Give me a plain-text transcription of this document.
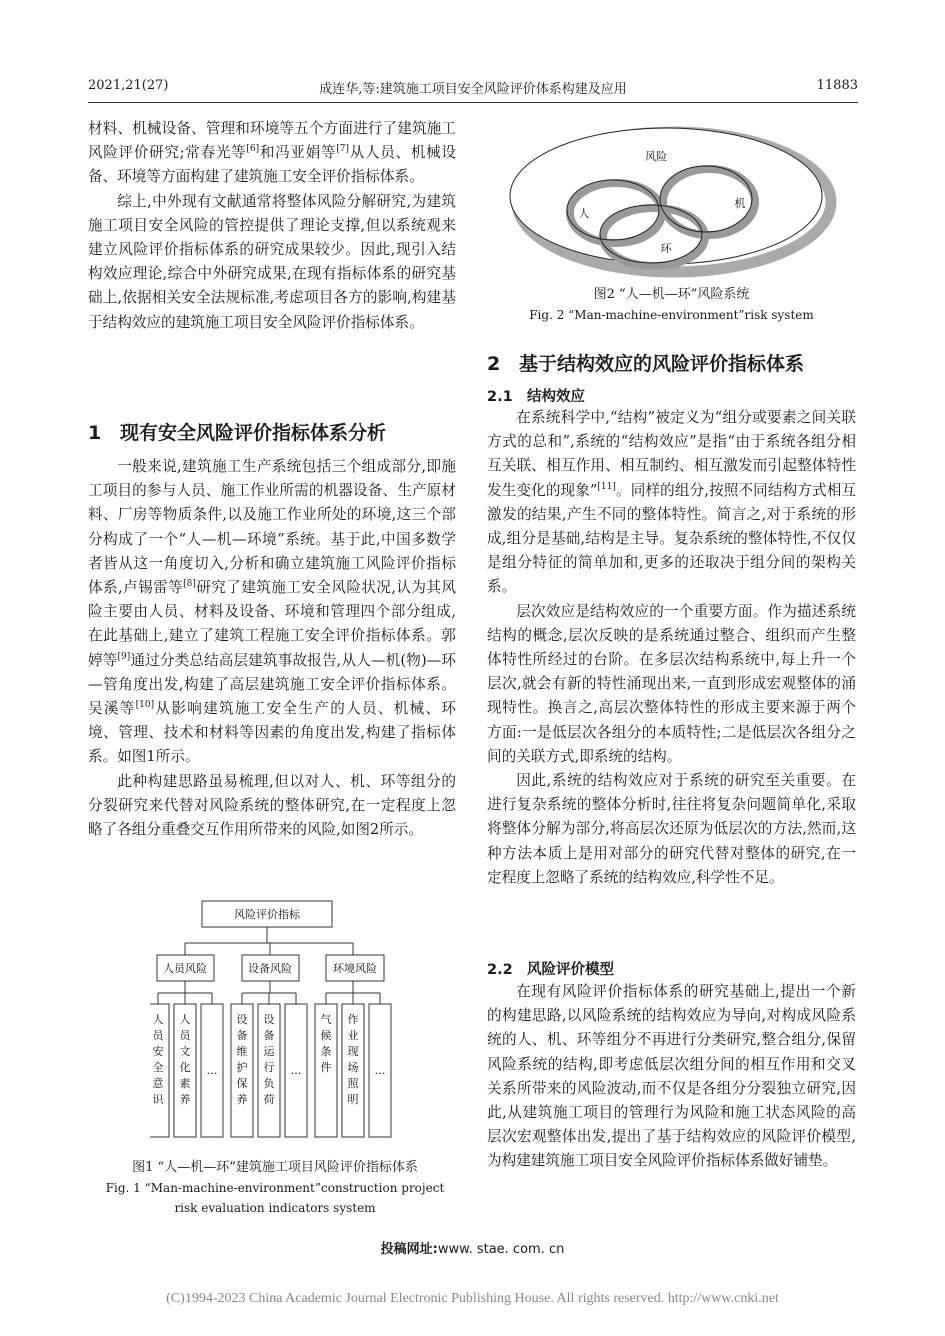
2021,21(27)	成连华,等:建筑施工项目安全风险评价体系构建及应用	11883

材料、机械设备、管理和环境等五个方面进行了建筑施工风险评价研究;常春光等[6]和冯亚娟等[7]从人员、机械设备、环境等方面构建了建筑施工安全评价指标体系。

综上,中外现有文献通常将整体风险分解研究,为建筑施工项目安全风险的管控提供了理论支撑,但以系统观来建立风险评价指标体系的研究成果较少。因此,现引入结构效应理论,综合中外研究成果,在现有指标体系的研究基础上,依据相关安全法规标准,考虑项目各方的影响,构建基于结构效应的建筑施工项目安全风险评价指标体系。

1 现有安全风险评价指标体系分析

一般来说,建筑施工生产系统包括三个组成部分,即施工项目的参与人员、施工作业所需的机器设备、生产原材料、厂房等物质条件,以及施工作业所处的环境,这三个部分构成了一个“人—机—环境”系统。基于此,中国多数学者皆从这一角度切入,分析和确立建筑施工风险评价指标体系,卢锡雷等[8]研究了建筑施工安全风险状况,认为其风险主要由人员、材料及设备、环境和管理四个部分组成,在此基础上,建立了建筑工程施工安全评价指标体系。郭婷等[9]通过分类总结高层建筑事故报告,从人—机(物)—环—管角度出发,构建了高层建筑施工安全评价指标体系。吴溪等[10]从影响建筑施工安全生产的人员、机械、环境、管理、技术和材料等因素的角度出发,构建了指标体系。如图1所示。

此种构建思路虽易梳理,但以对人、机、环等组分的分裂研究来代替对风险系统的整体研究,在一定程度上忽略了各组分重叠交互作用所带来的风险,如图2所示。

风险评价指标
人员风险	设备风险	环境风险
人员安全意识
人员文化素养
…
设备维护保养
设备运行负荷
…
气候条件
作业现场照明
…
图1 “人—机—环”建筑施工项目风险评价指标体系
Fig. 1 “Man-machine-environment”construction project
risk evaluation indicators system
风险
人
机
环
图2 “人—机—环”风险系统
Fig. 2 “Man-machine-environment”risk system
2 基于结构效应的风险评价指标体系
2.1 结构效应

在系统科学中,“结构”被定义为“组分或要素之间关联方式的总和”,系统的“结构效应”是指“由于系统各组分相互关联、相互作用、相互制约、相互激发而引起整体特性发生变化的现象”[11]。同样的组分,按照不同结构方式相互激发的结果,产生不同的整体特性。简言之,对于系统的形成,组分是基础,结构是主导。复杂系统的整体特性,不仅仅是组分特征的简单加和,更多的还取决于组分间的架构关系。

层次效应是结构效应的一个重要方面。作为描述系统结构的概念,层次反映的是系统通过整合、组织而产生整体特性所经过的台阶。在多层次结构系统中,每上升一个层次,就会有新的特性涌现出来,一直到形成宏观整体的涌现特性。换言之,高层次整体特性的形成主要来源于两个方面:一是低层次各组分的本质特性;二是低层次各组分之间的关联方式,即系统的结构。

因此,系统的结构效应对于系统的研究至关重要。在进行复杂系统的整体分析时,往往将复杂问题简单化,采取将整体分解为部分,将高层次还原为低层次的方法,然而,这种方法本质上是用对部分的研究代替对整体的研究,在一定程度上忽略了系统的结构效应,科学性不足。

2.2 风险评价模型

在现有风险评价指标体系的研究基础上,提出一个新的构建思路,以风险系统的结构效应为导向,对构成风险系统的人、机、环等组分不再进行分类研究,整合组分,保留风险系统的结构,即考虑低层次组分间的相互作用和交叉关系所带来的风险波动,而不仅是各组分分裂独立研究,因此,从建筑施工项目的管理行为风险和施工状态风险的高层次宏观整体出发,提出了基于结构效应的风险评价模型,为构建建筑施工项目安全风险评价指标体系做好铺垫。

投稿网址:www. stae. com. cn
(C)1994-2023 China Academic Journal Electronic Publishing House. All rights reserved. http://www.cnki.net
